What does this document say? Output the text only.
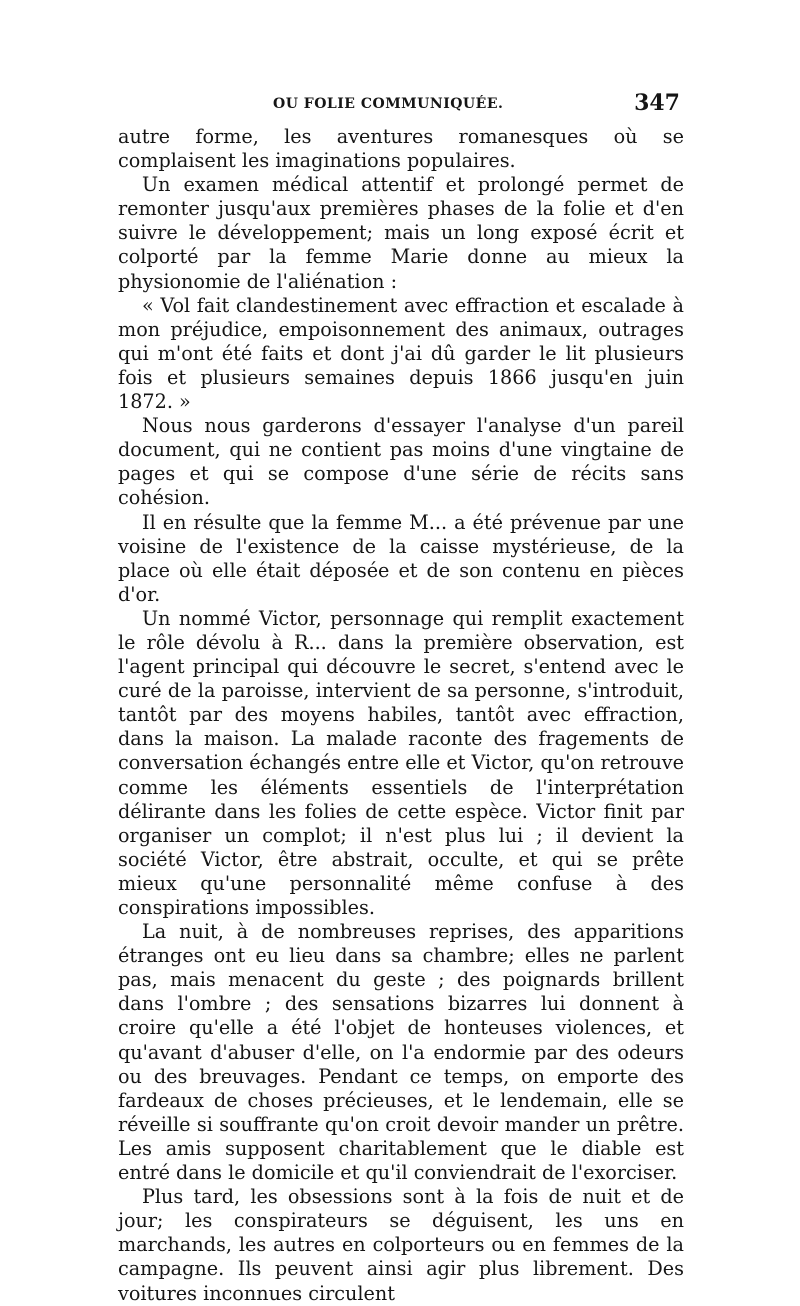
OU FOLIE COMMUNIQUÉE.	347

autre forme, les aventures romanesques où se complaisent les imaginations populaires.

Un examen médical attentif et prolongé permet de remonter jusqu'aux premières phases de la folie et d'en suivre le développement; mais un long exposé écrit et colporté par la femme Marie donne au mieux la physionomie de l'aliénation :

« Vol fait clandestinement avec effraction et escalade à mon préjudice, empoisonnement des animaux, outrages qui m'ont été faits et dont j'ai dû garder le lit plusieurs fois et plusieurs semaines depuis 1866 jusqu'en juin 1872. »

Nous nous garderons d'essayer l'analyse d'un pareil document, qui ne contient pas moins d'une vingtaine de pages et qui se compose d'une série de récits sans cohésion.

Il en résulte que la femme M... a été prévenue par une voisine de l'existence de la caisse mystérieuse, de la place où elle était déposée et de son contenu en pièces d'or.

Un nommé Victor, personnage qui remplit exactement le rôle dévolu à R... dans la première observation, est l'agent principal qui découvre le secret, s'entend avec le curé de la paroisse, intervient de sa personne, s'introduit, tantôt par des moyens habiles, tantôt avec effraction, dans la maison. La malade raconte des fragements de conversation échangés entre elle et Victor, qu'on retrouve comme les éléments essentiels de l'interprétation délirante dans les folies de cette espèce. Victor finit par organiser un complot; il n'est plus lui ; il devient la société Victor, être abstrait, occulte, et qui se prête mieux qu'une personnalité même confuse à des conspirations impossibles.

La nuit, à de nombreuses reprises, des apparitions étranges ont eu lieu dans sa chambre; elles ne parlent pas, mais menacent du geste ; des poignards brillent dans l'ombre ; des sensations bizarres lui donnent à croire qu'elle a été l'objet de honteuses violences, et qu'avant d'abuser d'elle, on l'a endormie par des odeurs ou des breuvages. Pendant ce temps, on emporte des fardeaux de choses précieuses, et le lendemain, elle se réveille si souffrante qu'on croit devoir mander un prêtre. Les amis supposent charitablement que le diable est entré dans le domicile et qu'il conviendrait de l'exorciser.

Plus tard, les obsessions sont à la fois de nuit et de jour; les conspirateurs se déguisent, les uns en marchands, les autres en colporteurs ou en femmes de la campagne. Ils peuvent ainsi agir plus librement. Des voitures inconnues circulent
